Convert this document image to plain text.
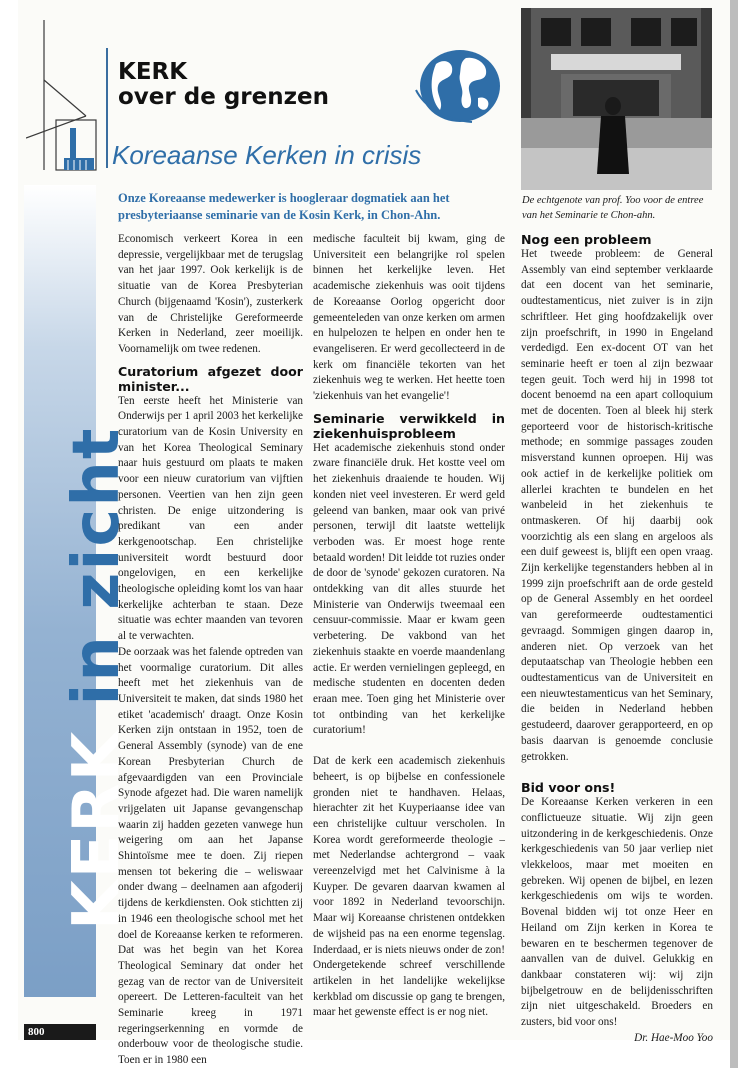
KERK in zicht
KERK
over de grenzen
Koreaanse Kerken in crisis
Onze Koreaanse medewerker is hoogleraar dogmatiek aan het presbyteriaanse seminarie van de Kosin Kerk, in Chon-Ahn.
De echtgenote van prof. Yoo voor de entree van het Seminarie te Chon-ahn.

Economisch verkeert Korea in een depressie, vergelijkbaar met de terugslag van het jaar 1997. Ook kerkelijk is de situatie van de Korea Presbyterian Church (bijgenaamd 'Kosin'), zusterkerk van de Christelijke Gereformeerde Kerken in Nederland, zeer moeilijk. Voornamelijk om twee redenen.

Curatorium afgezet door minister...

Ten eerste heeft het Ministerie van Onderwijs per 1 april 2003 het kerkelijke curatorium van de Kosin University en van het Korea Theological Seminary naar huis gestuurd om plaats te maken voor een nieuw curatorium van vijftien personen. Veertien van hen zijn geen christen. De enige uitzondering is predikant van een ander kerkgenootschap. Een christelijke universiteit wordt bestuurd door ongelovigen, en een kerkelijke theologische opleiding komt los van haar kerkelijke achterban te staan. Deze situatie was echter maanden van tevoren al te verwachten.

De oorzaak was het falende optreden van het voormalige curatorium. Dit alles heeft met het ziekenhuis van de Universiteit te maken, dat sinds 1980 het etiket 'academisch' draagt. Onze Kosin Kerken zijn ontstaan in 1952, toen de General Assembly (synode) van de ene Korean Presbyterian Church de afgevaardigden van een Provinciale Synode afgezet had. Die waren namelijk vrijgelaten uit Japanse gevangenschap waarin zij hadden gezeten vanwege hun weigering om aan het Japanse Shintoïsme mee te doen. Zij riepen mensen tot bekering die – weliswaar onder dwang – deelnamen aan afgoderij tijdens de kerkdiensten. Ook stichtten zij in 1946 een theologische school met het doel de Koreaanse kerken te reformeren. Dat was het begin van het Korea Theological Seminary dat onder het gezag van de rector van de Universiteit opereert. De Letteren-faculteit van het Seminarie kreeg in 1971 regeringserkenning en vormde de onderbouw voor de theologische studie. Toen er in 1980 een

medische faculteit bij kwam, ging de Universiteit een belangrijke rol spelen binnen het kerkelijke leven. Het academische ziekenhuis was ooit tijdens de Koreaanse Oorlog opgericht door gemeenteleden van onze kerken om armen en hulpelozen te helpen en onder hen te evangeliseren. Er werd gecollecteerd in de kerk om financiële tekorten van het ziekenhuis weg te werken. Het heette toen 'ziekenhuis van het evangelie'!

Seminarie verwikkeld in ziekenhuisprobleem

Het academische ziekenhuis stond onder zware financiële druk. Het kostte veel om het ziekenhuis draaiende te houden. Wij konden niet veel investeren. Er werd geld geleend van banken, maar ook van privé personen, terwijl dit laatste wettelijk verboden was. Er moest hoge rente betaald worden! Dit leidde tot ruzies onder de door de 'synode' gekozen curatoren. Na ontdekking van dit alles stuurde het Ministerie van Onderwijs tweemaal een censuur-commissie. Maar er kwam geen verbetering. De vakbond van het ziekenhuis staakte en voerde maandenlang actie. Er werden vernielingen gepleegd, en medische studenten en docenten deden eraan mee. Toen ging het Ministerie over tot ontbinding van het kerkelijke curatorium!

Dat de kerk een academisch ziekenhuis beheert, is op bijbelse en confessionele gronden niet te handhaven. Helaas, hierachter zit het Kuyperiaanse idee van een christelijke cultuur verscholen. In Korea wordt gereformeerde theologie – met Nederlandse achtergrond – vaak vereenzelvigd met het Calvinisme à la Kuyper. De gevaren daarvan kwamen al voor 1892 in Nederland tevoorschijn. Maar wij Koreaanse christenen ontdekken de wijsheid pas na een enorme tegenslag. Inderdaad, er is niets nieuws onder de zon! Ondergetekende schreef verschillende artikelen in het landelijke wekelijkse kerkblad om discussie op gang te brengen, maar het gewenste effect is er nog niet.

Nog een probleem

Het tweede probleem: de General Assembly van eind september verklaarde dat een docent van het seminarie, oudtestamenticus, niet zuiver is in zijn schriftleer. Het ging hoofdzakelijk over zijn proefschrift, in 1990 in Engeland verdedigd. Een ex-docent OT van het seminarie heeft er toen al zijn bezwaar tegen geuit. Toch werd hij in 1998 tot docent benoemd na een apart colloquium met de docenten. Toen al bleek hij sterk geporteerd voor de historisch-kritische methode; en sommige passages zouden misverstand kunnen oproepen. Hij was ook actief in de kerkelijke politiek om allerlei krachten te bundelen en het wanbeleid in het ziekenhuis te ontmaskeren. Of hij daarbij ook voorzichtig als een slang en argeloos als een duif geweest is, blijft een open vraag. Zijn kerkelijke tegenstanders hebben al in 1999 zijn proefschrift aan de orde gesteld op de General Assembly en het oordeel van gereformeerde oudtestamentici gevraagd. Sommigen gingen daarop in, anderen niet. Op verzoek van het deputaatschap van Theologie hebben een oudtestamenticus van de Universiteit en een nieuwtestamenticus van het Seminary, die beiden in Nederland hebben gestudeerd, daarover gerapporteerd, en op basis daarvan is genoemde conclusie getrokken.

Bid voor ons!

De Koreaanse Kerken verkeren in een conflictueuze situatie. Wij zijn geen uitzondering in de kerkgeschiedenis. Onze kerkgeschiedenis van 50 jaar verliep niet vlekkeloos, maar met moeiten en gebreken. Wij openen de bijbel, en lezen kerkgeschiedenis om wijs te worden. Bovenal bidden wij tot onze Heer en Heiland om Zijn kerken in Korea te bewaren en te beschermen tegenover de aanvallen van de duivel. Gelukkig en dankbaar constateren wij: wij zijn bijbelgetrouw en de belijdenisschriften zijn niet uitgeschakeld. Broeders en zusters, bid voor ons!

Dr. Hae-Moo Yoo

800
